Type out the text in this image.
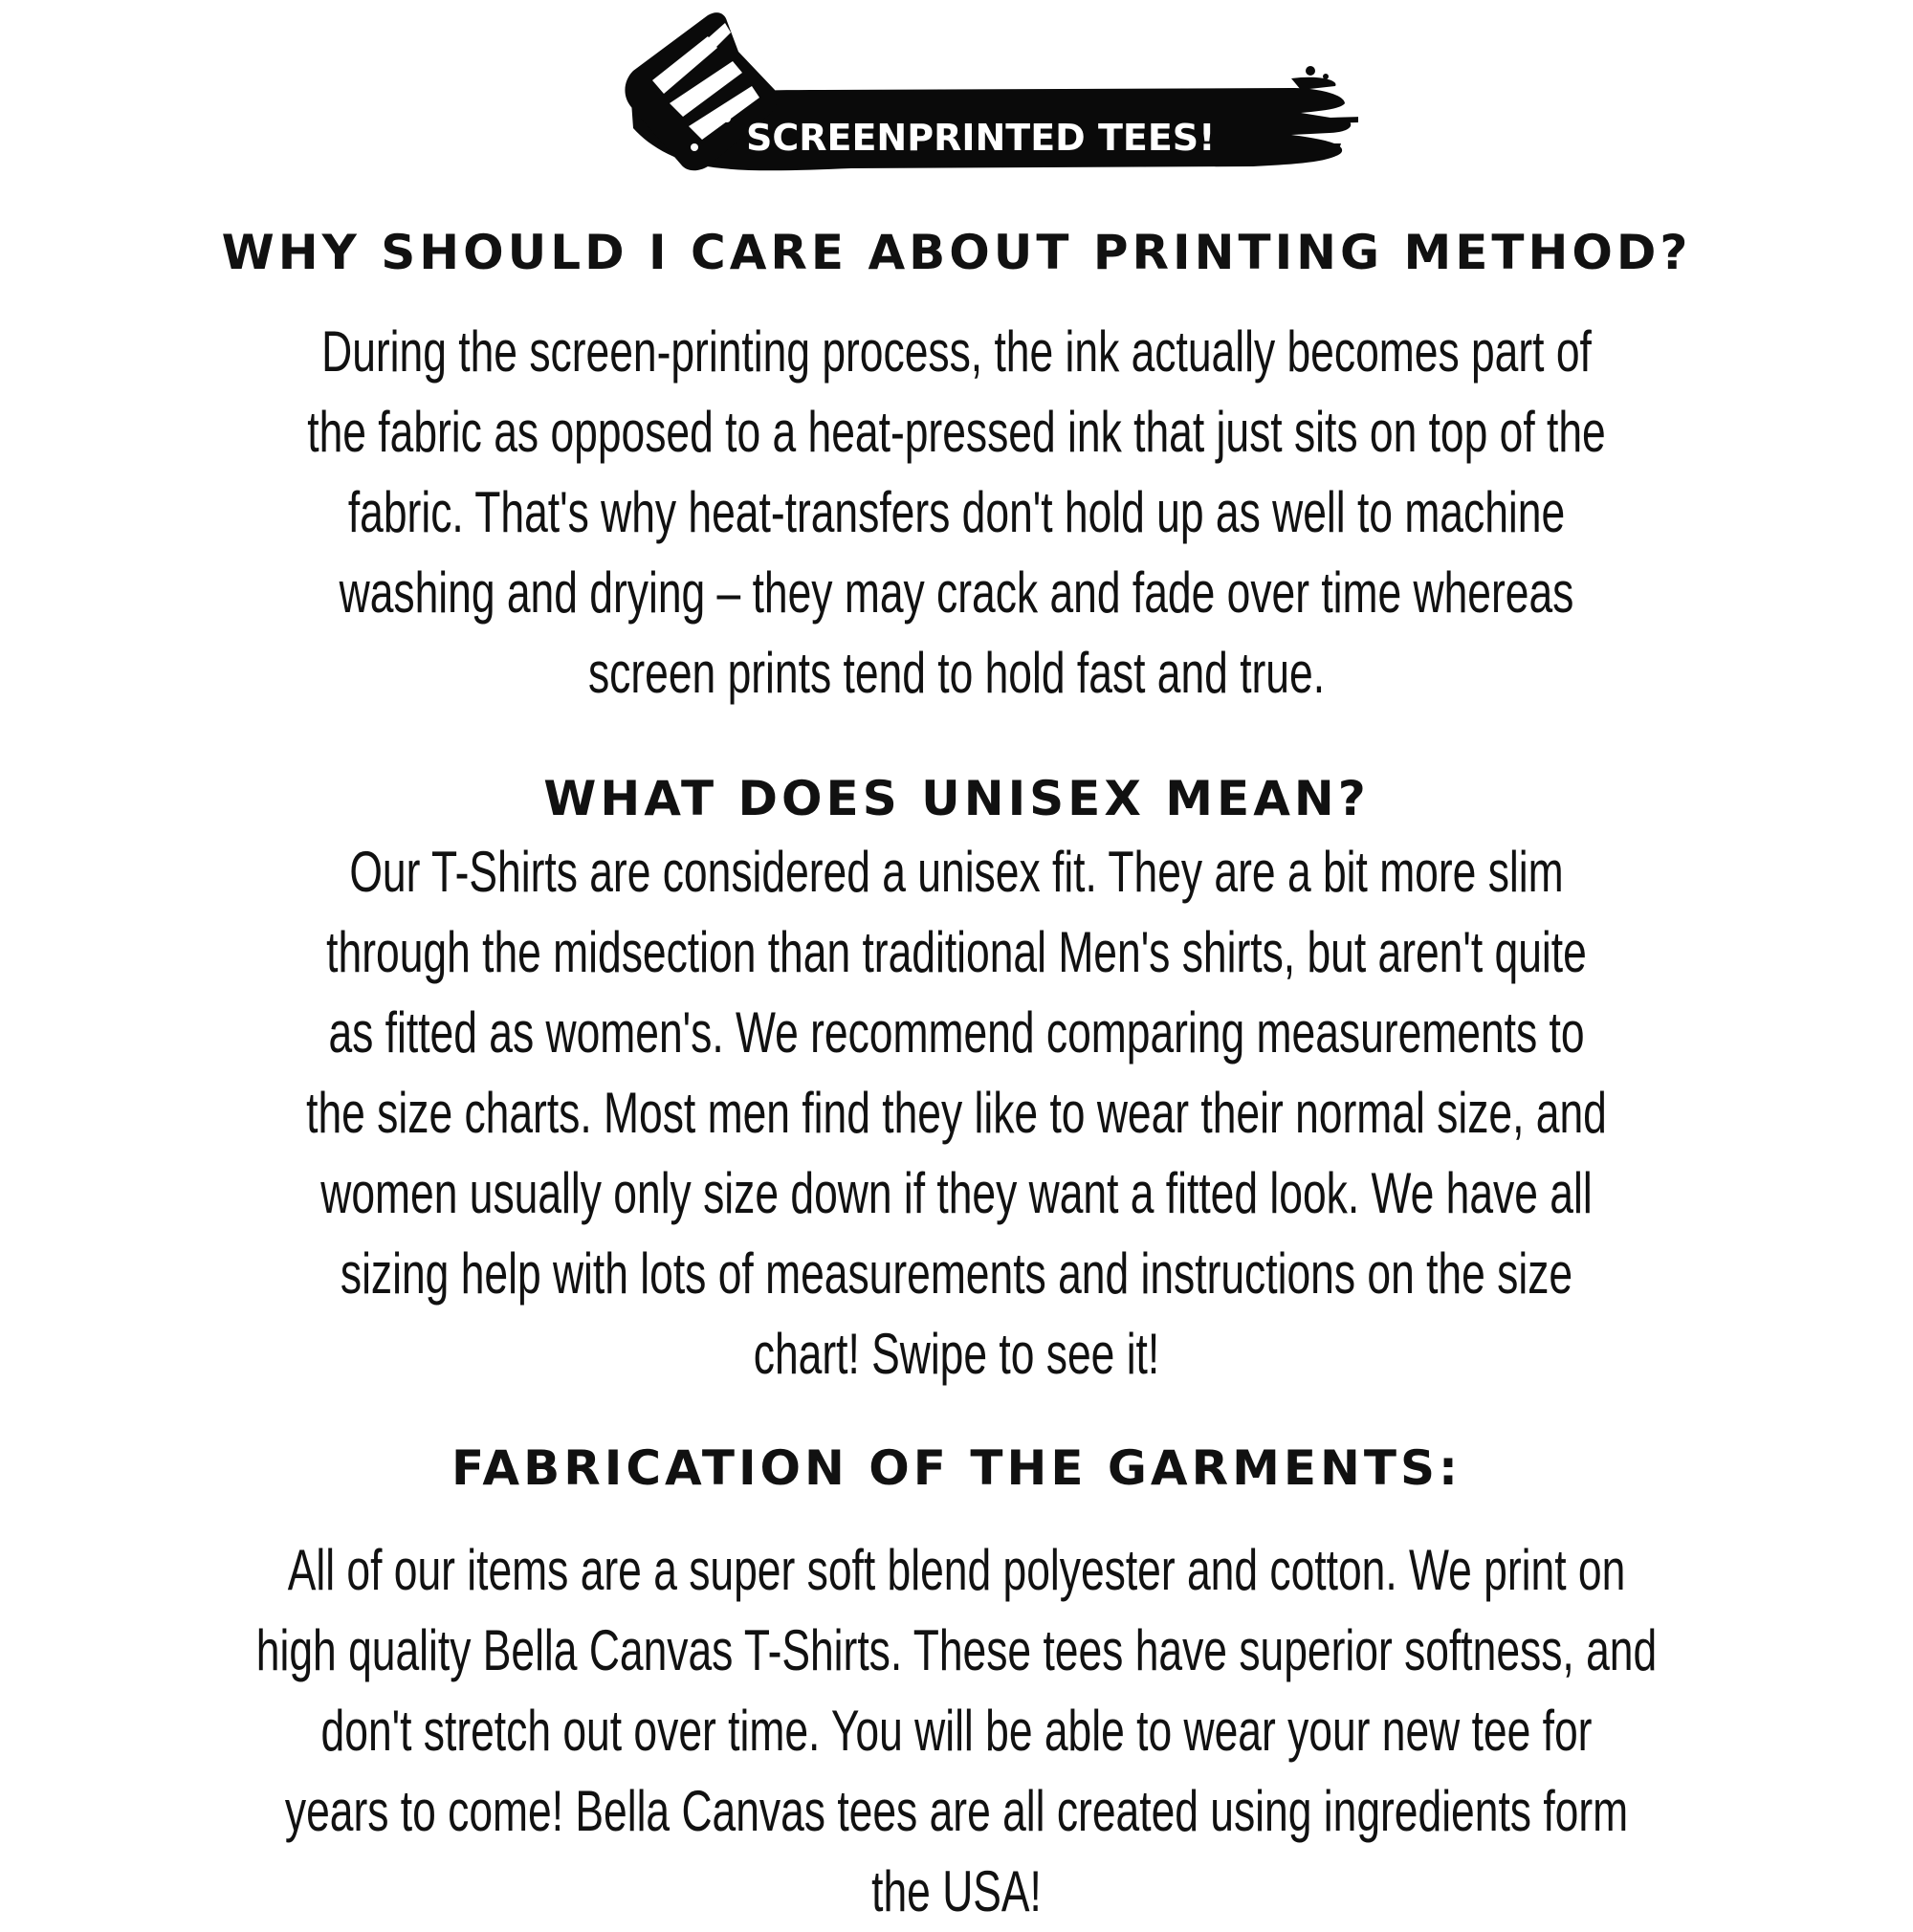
SCREENPRINTED TEES!
WHY SHOULD I CARE ABOUT PRINTING METHOD?
During the screen-printing process, the ink actually becomes part of
the fabric as opposed to a heat-pressed ink that just sits on top of the
fabric. That's why heat-transfers don't hold up as well to machine
washing and drying – they may crack and fade over time whereas
screen prints tend to hold fast and true.
WHAT DOES UNISEX MEAN?
Our T-Shirts are considered a unisex fit. They are a bit more slim
through the midsection than traditional Men's shirts, but aren't quite
as fitted as women's. We recommend comparing measurements to
the size charts. Most men find they like to wear their normal size, and
women usually only size down if they want a fitted look. We have all
sizing help with lots of measurements and instructions on the size
chart! Swipe to see it!
FABRICATION OF THE GARMENTS:
All of our items are a super soft blend polyester and cotton. We print on
high quality Bella Canvas T-Shirts. These tees have superior softness, and
don't stretch out over time. You will be able to wear your new tee for
years to come! Bella Canvas tees are all created using ingredients form
the USA!
